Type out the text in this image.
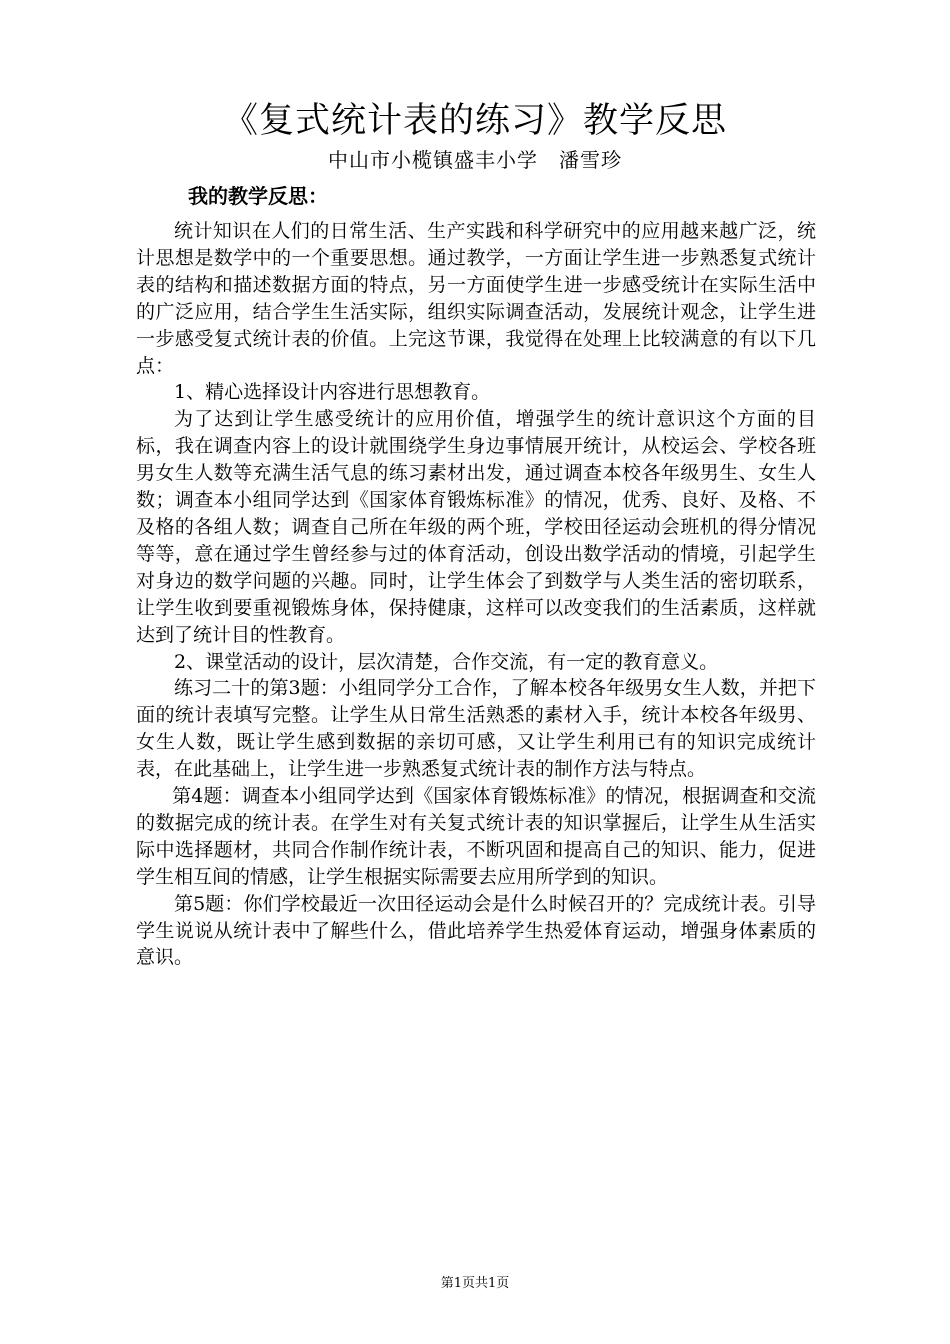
《复式统计表的练习》教学反思
中山市小榄镇盛丰小学　潘雪珍
我的教学反思：

统计知识在人们的日常生活、生产实践和科学研究中的应用越来越广泛，统计思想是数学中的一个重要思想。通过教学，一方面让学生进一步熟悉复式统计表的结构和描述数据方面的特点，另一方面使学生进一步感受统计在实际生活中的广泛应用，结合学生生活实际，组织实际调查活动，发展统计观念，让学生进一步感受复式统计表的价值。上完这节课，我觉得在处理上比较满意的有以下几点：

1、精心选择设计内容进行思想教育。

为了达到让学生感受统计的应用价值，增强学生的统计意识这个方面的目标，我在调查内容上的设计就围绕学生身边事情展开统计，从校运会、学校各班男女生人数等充满生活气息的练习素材出发，通过调查本校各年级男生、女生人数；调查本小组同学达到《国家体育锻炼标准》的情况，优秀、良好、及格、不及格的各组人数；调查自己所在年级的两个班，学校田径运动会班机的得分情况等等，意在通过学生曾经参与过的体育活动，创设出数学活动的情境，引起学生对身边的数学问题的兴趣。同时，让学生体会了到数学与人类生活的密切联系，让学生收到要重视锻炼身体，保持健康，这样可以改变我们的生活素质，这样就达到了统计目的性教育。

2、课堂活动的设计，层次清楚，合作交流，有一定的教育意义。

练习二十的第3题：小组同学分工合作，了解本校各年级男女生人数，并把下面的统计表填写完整。让学生从日常生活熟悉的素材入手，统计本校各年级男、女生人数，既让学生感到数据的亲切可感，又让学生利用已有的知识完成统计表，在此基础上，让学生进一步熟悉复式统计表的制作方法与特点。

第4题：调查本小组同学达到《国家体育锻炼标准》的情况，根据调查和交流的数据完成的统计表。在学生对有关复式统计表的知识掌握后，让学生从生活实际中选择题材，共同合作制作统计表，不断巩固和提高自己的知识、能力，促进学生相互间的情感，让学生根据实际需要去应用所学到的知识。

第5题：你们学校最近一次田径运动会是什么时候召开的？完成统计表。引导学生说说从统计表中了解些什么，借此培养学生热爱体育运动，增强身体素质的意识。

第1页共1页
